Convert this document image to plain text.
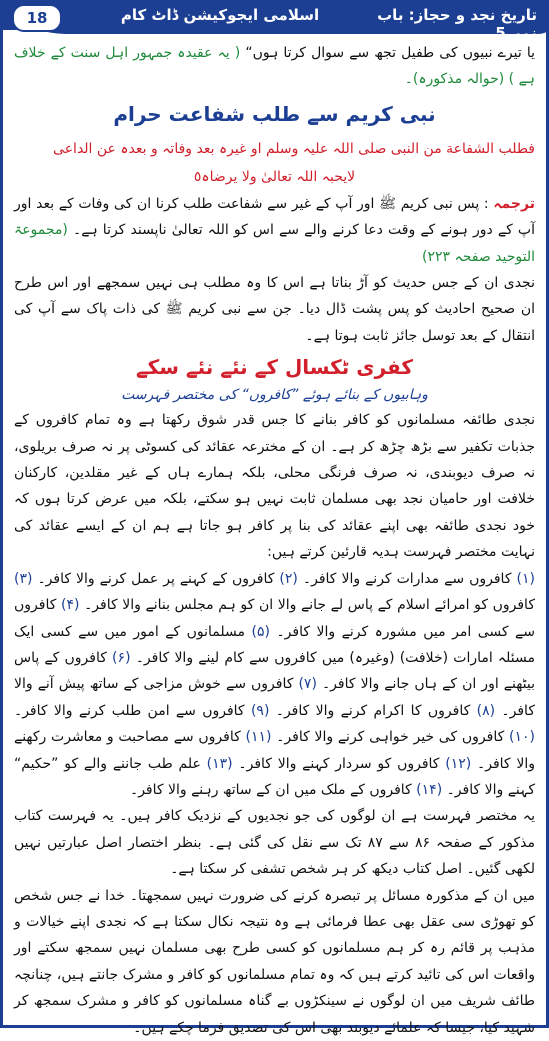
18	اسلامی ایجوکیشن ڈاٹ کام	تاریخ نجد و حجاز: باب نمبر5

یا تیرے نبیوں کی طفیل تجھ سے سوال کرتا ہوں“ ( یہ عقیدہ جمہور اہل سنت کے خلاف ہے ) (حوالہ مذکورہ)۔

نبی کریم سے طلب شفاعت حرام
فطلب الشفاعة من النبی صلی اللہ علیہ وسلم او غیرہ بعد وفاتہ و بعدہ عن الداعی
لایحبہ اللہ تعالیٰ ولا یرضاہ٥

ترجمہ : پس نبی کریم ﷺ اور آپ کے غیر سے شفاعت طلب کرنا ان کی وفات کے بعد اور آپ کے دور ہونے کے وقت دعا کرنے والے سے اس کو اللہ تعالیٰ ناپسند کرتا ہے۔ (مجموعۃ التوحید صفحہ ۲۲۳)

نجدی ان کے جس حدیث کو آڑ بناتا ہے اس کا وہ مطلب ہی نہیں سمجھے اور اس طرح ان صحیح احادیث کو پس پشت ڈال دیا۔ جن سے نبی کریم ﷺ کی ذات پاک سے آپ کی انتقال کے بعد توسل جائز ثابت ہوتا ہے۔

کفری ٹکسال کے نئے نئے سکے
وہابیوں کے بنائے ہوئے ”کافروں“ کی مختصر فہرست

نجدی طائفہ مسلمانوں کو کافر بنانے کا جس قدر شوق رکھتا ہے وہ تمام کافروں کے جذبات تکفیر سے بڑھ چڑھ کر ہے۔ ان کے مخترعہ عقائد کی کسوٹی پر نہ صرف بریلوی، نہ صرف دیوبندی، نہ صرف فرنگی محلی، بلکہ ہمارے ہاں کے غیر مقلدین، کارکنان خلافت اور حامیان نجد بھی مسلمان ثابت نہیں ہو سکتے، بلکہ میں عرض کرتا ہوں کہ خود نجدی طائفہ بھی اپنے عقائد کی بنا پر کافر ہو جاتا ہے ہم ان کے ایسے عقائد کی نہایت مختصر فہرست ہدیہ قارئین کرتے ہیں:

(۱) کافروں سے مدارات کرنے والا کافر۔ (۲) کافروں کے کہنے پر عمل کرنے والا کافر۔ (۳) کافروں کو امرائے اسلام کے پاس لے جانے والا ان کو ہم مجلس بنانے والا کافر۔ (۴) کافروں سے کسی امر میں مشورہ کرنے والا کافر۔ (۵) مسلمانوں کے امور میں سے کسی ایک مسئلہ امارات (خلافت) (وغیرہ) میں کافروں سے کام لینے والا کافر۔ (۶) کافروں کے پاس بیٹھنے اور ان کے ہاں جانے والا کافر۔ (۷) کافروں سے خوش مزاجی کے ساتھ پیش آنے والا کافر۔ (۸) کافروں کا اکرام کرنے والا کافر۔ (۹) کافروں سے امن طلب کرنے والا کافر۔ (۱۰) کافروں کی خیر خواہی کرنے والا کافر۔ (۱۱) کافروں سے مصاحبت و معاشرت رکھنے والا کافر۔ (۱۲) کافروں کو سردار کہنے والا کافر۔ (۱۳) علم طب جاننے والے کو ”حکیم“ کہنے والا کافر۔ (۱۴) کافروں کے ملک میں ان کے ساتھ رہنے والا کافر۔

یہ مختصر فہرست ہے ان لوگوں کی جو نجدیوں کے نزدیک کافر ہیں۔ یہ فہرست کتاب مذکور کے صفحہ ۸۶ سے ۸۷ تک سے نقل کی گئی ہے۔ بنظر اختصار اصل عبارتیں نہیں لکھی گئیں۔ اصل کتاب دیکھ کر ہر شخص تشفی کر سکتا ہے۔

میں ان کے مذکورہ مسائل پر تبصرہ کرنے کی ضرورت نہیں سمجھتا۔ خدا نے جس شخص کو تھوڑی سی عقل بھی عطا فرمائی ہے وہ نتیجہ نکال سکتا ہے کہ نجدی اپنے خیالات و مذہب پر قائم رہ کر ہم مسلمانوں کو کسی طرح بھی مسلمان نہیں سمجھ سکتے اور واقعات اس کی تائید کرتے ہیں کہ وہ تمام مسلمانوں کو کافر و مشرک جانتے ہیں، چنانچہ طائف شریف میں ان لوگوں نے سینکڑوں بے گناہ مسلمانوں کو کافر و مشرک سمجھ کر شہید کیا، جیسا کہ علمائے دیوبند بھی اس کی تصدیق فرما چکے ہیں۔
